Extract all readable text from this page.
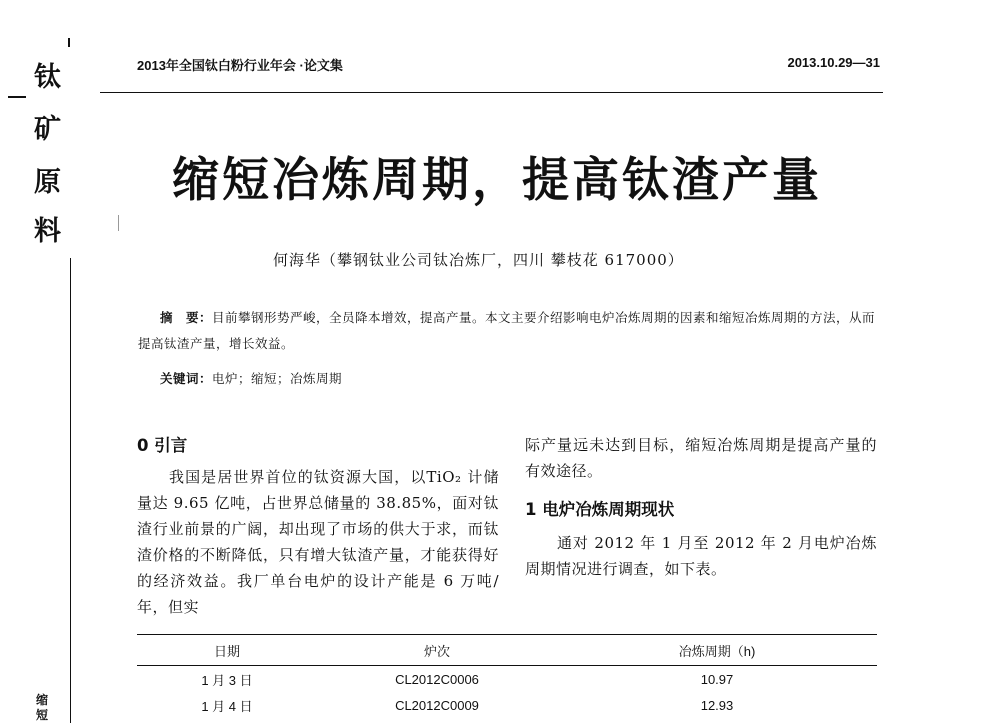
钛
矿
原
料
缩
短
2013年全国钛白粉行业年会 ·论文集	2013.10.29—31
缩短冶炼周期，提高钛渣产量
何海华（攀钢钛业公司钛冶炼厂，四川 攀枝花 617000）
摘　要：目前攀钢形势严峻，全员降本增效，提高产量。本文主要介绍影响电炉冶炼周期的因素和缩短冶炼周期的方法，从而提高钛渣产量，增长效益。
关键词：电炉；缩短；冶炼周期
0 引言

我国是居世界首位的钛资源大国，以TiO₂ 计储量达 9.65 亿吨，占世界总储量的 38.85%，面对钛渣行业前景的广阔，却出现了市场的供大于求，而钛渣价格的不断降低，只有增大钛渣产量，才能获得好的经济效益。我厂单台电炉的设计产能是 6 万吨/年，但实

际产量远未达到目标，缩短冶炼周期是提高产量的有效途径。

1 电炉冶炼周期现状

通对 2012 年 1 月至 2012 年 2 月电炉冶炼周期情况进行调查，如下表。

日期	炉次	冶炼周期（h)
1 月 3 日	CL2012C0006	10.97
1 月 4 日	CL2012C0009	12.93
